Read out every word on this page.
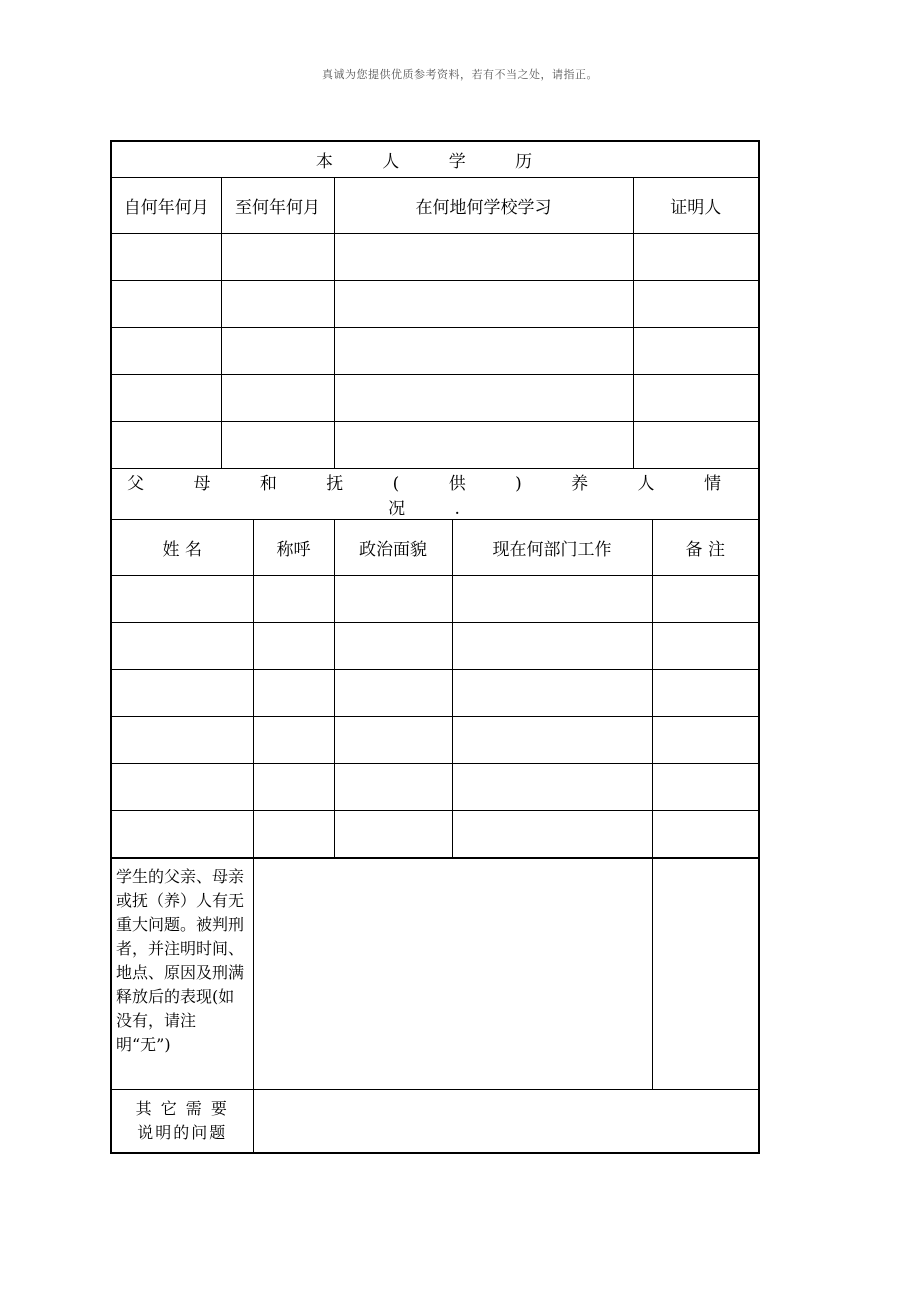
真诚为您提供优质参考资料，若有不当之处，请指正。
本 人 学 历			
自何年何月	至何年何月	在何地何学校学习	证明人

父 母 和 抚 ( 供 ) 养 人 情 况 .				
姓 名	称呼	政治面貌	现在何部门工作	备 注

学生的父亲、母亲或抚（养）人有无重大问题。被判刑者，并注明时间、地点、原因及刑满释放后的表现(如没有，请注明“无”)		

其 它 需 要
说明的问题		
